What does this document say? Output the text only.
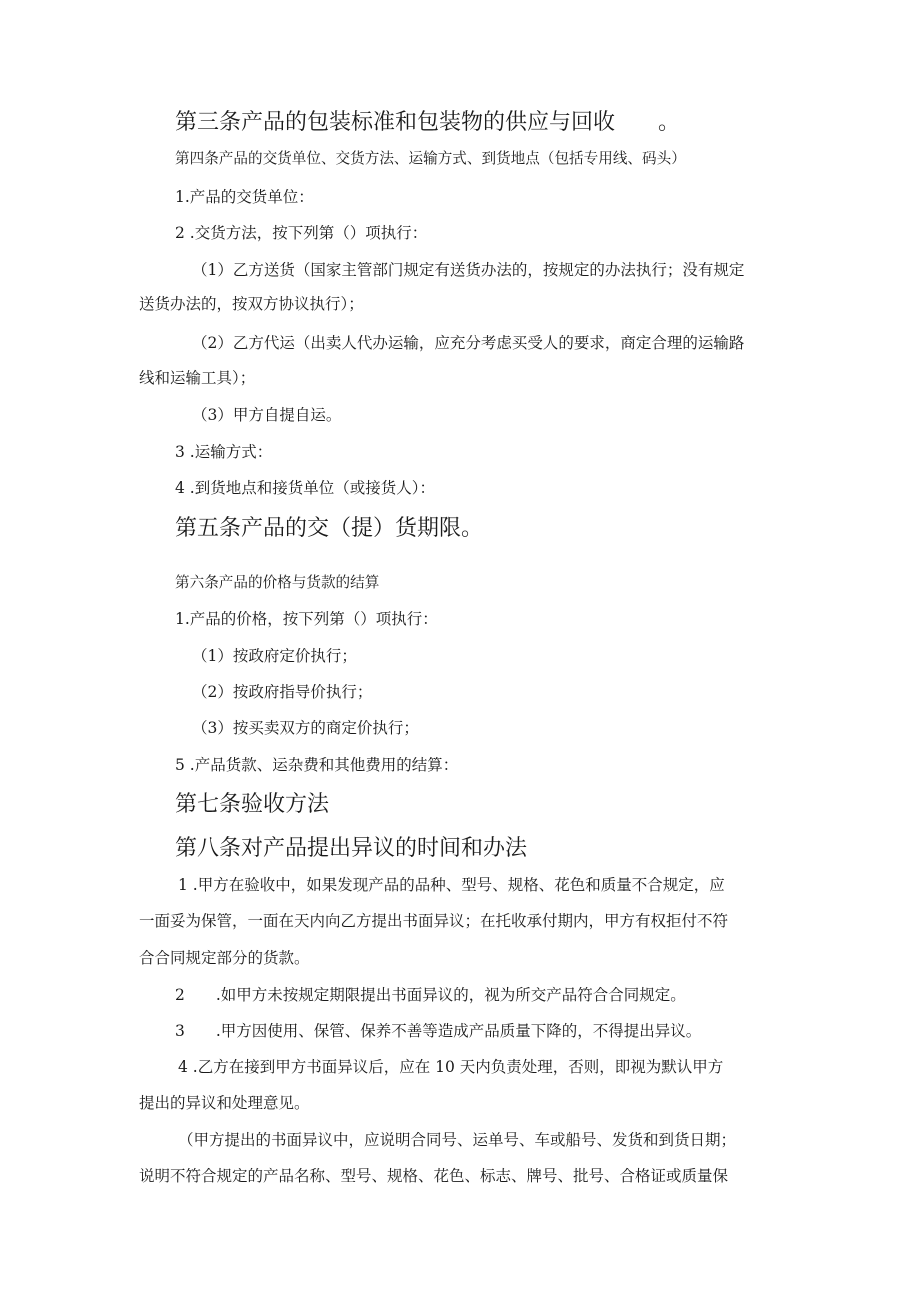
第三条产品的包装标准和包装物的供应与回收 。
第四条产品的交货单位、交货方法、运输方式、到货地点（包括专用线、码头）
1.产品的交货单位：
2 .交货方法，按下列第（）项执行：
（1）乙方送货（国家主管部门规定有送货办法的，按规定的办法执行；没有规定
送货办法的，按双方协议执行）；
（2）乙方代运（出卖人代办运输，应充分考虑买受人的要求，商定合理的运输路
线和运输工具）；
（3）甲方自提自运。
3 .运输方式：
4 .到货地点和接货单位（或接货人）：
第五条产品的交（提）货期限。
第六条产品的价格与货款的结算
1.产品的价格，按下列第（）项执行：
（1）按政府定价执行；
（2）按政府指导价执行；
（3）按买卖双方的商定价执行；
5 .产品货款、运杂费和其他费用的结算：
第七条验收方法
第八条对产品提出异议的时间和办法
1 .甲方在验收中，如果发现产品的品种、型号、规格、花色和质量不合规定，应
一面妥为保管，一面在天内向乙方提出书面异议；在托收承付期内，甲方有权拒付不符
合合同规定部分的货款。
2　　.如甲方未按规定期限提出书面异议的，视为所交产品符合合同规定。
3　　.甲方因使用、保管、保养不善等造成产品质量下降的，不得提出异议。
4 .乙方在接到甲方书面异议后，应在 10 天内负责处理，否则，即视为默认甲方
提出的异议和处理意见。
（甲方提出的书面异议中，应说明合同号、运单号、车或船号、发货和到货日期；
说明不符合规定的产品名称、型号、规格、花色、标志、牌号、批号、合格证或质量保
